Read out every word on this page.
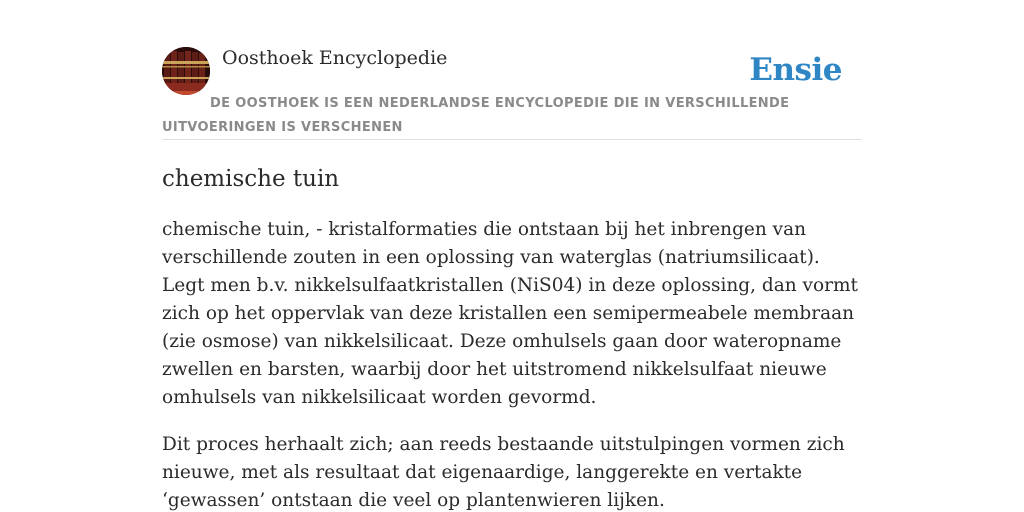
Oosthoek Encyclopedie	Ensie
DE OOSTHOEK IS EEN NEDERLANDSE ENCYCLOPEDIE DIE IN VERSCHILLENDE UITVOERINGEN IS VERSCHENEN
chemische tuin

chemische tuin, - kristalformaties die ontstaan bij het inbrengen van verschillende zouten in een oplossing van waterglas (natriumsilicaat). Legt men b.v. nikkelsulfaatkristallen (NiS04) in deze oplossing, dan vormt zich op het oppervlak van deze kristallen een semipermeabele membraan (zie osmose) van nikkelsilicaat. Deze omhulsels gaan door wateropname zwellen en barsten, waarbij door het uitstromend nikkelsulfaat nieuwe omhulsels van nikkelsilicaat worden gevormd.

Dit proces herhaalt zich; aan reeds bestaande uitstulpingen vormen zich nieuwe, met als resultaat dat eigenaardige, langgerekte en vertakte ‘gewassen’ ontstaan die veel op plantenwieren lijken.
